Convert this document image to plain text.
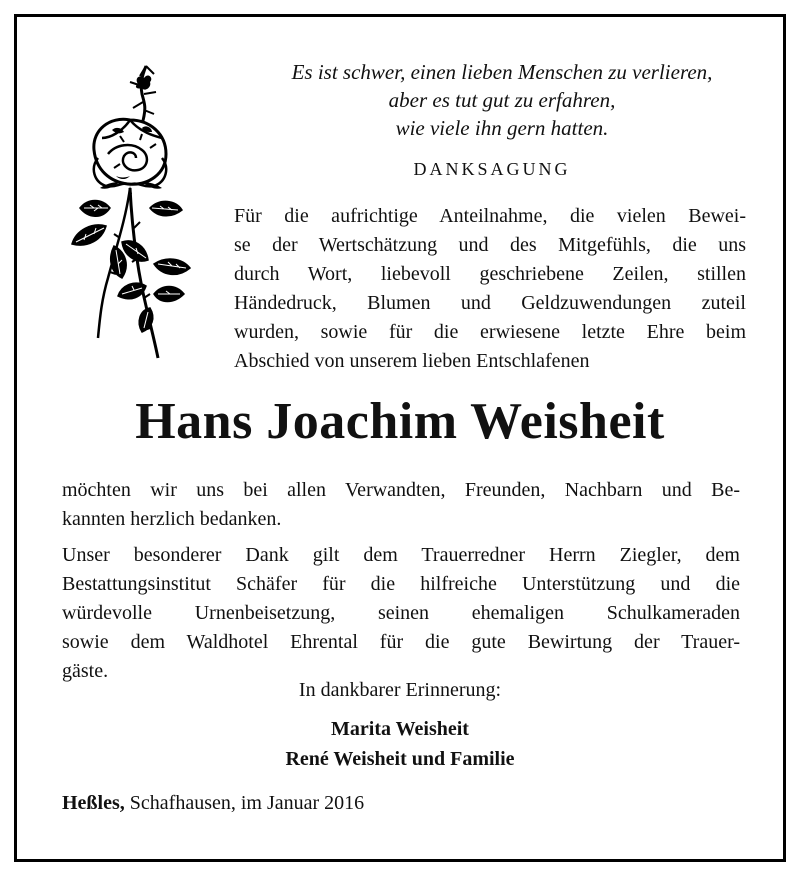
Es ist schwer, einen lieben Menschen zu verlieren,
aber es tut gut zu erfahren,
wie viele ihn gern hatten.
DANKSAGUNG
Für die aufrichtige Anteilnahme, die vielen Bewei-
se der Wertschätzung und des Mitgefühls, die uns
durch Wort, liebevoll geschriebene Zeilen, stillen
Händedruck, Blumen und Geldzuwendungen zuteil
wurden, sowie für die erwiesene letzte Ehre beim
Abschied von unserem lieben Entschlafenen
Hans Joachim Weisheit
möchten wir uns bei allen Verwandten, Freunden, Nachbarn und Be-
kannten herzlich bedanken.
Unser besonderer Dank gilt dem Trauerredner Herrn Ziegler, dem
Bestattungsinstitut Schäfer für die hilfreiche Unterstützung und die
würdevolle Urnenbeisetzung, seinen ehemaligen Schulkameraden
sowie dem Waldhotel Ehrental für die gute Bewirtung der Trauer-
gäste.
In dankbarer Erinnerung:
Marita Weisheit
René Weisheit und Familie
Heßles, Schafhausen, im Januar 2016
